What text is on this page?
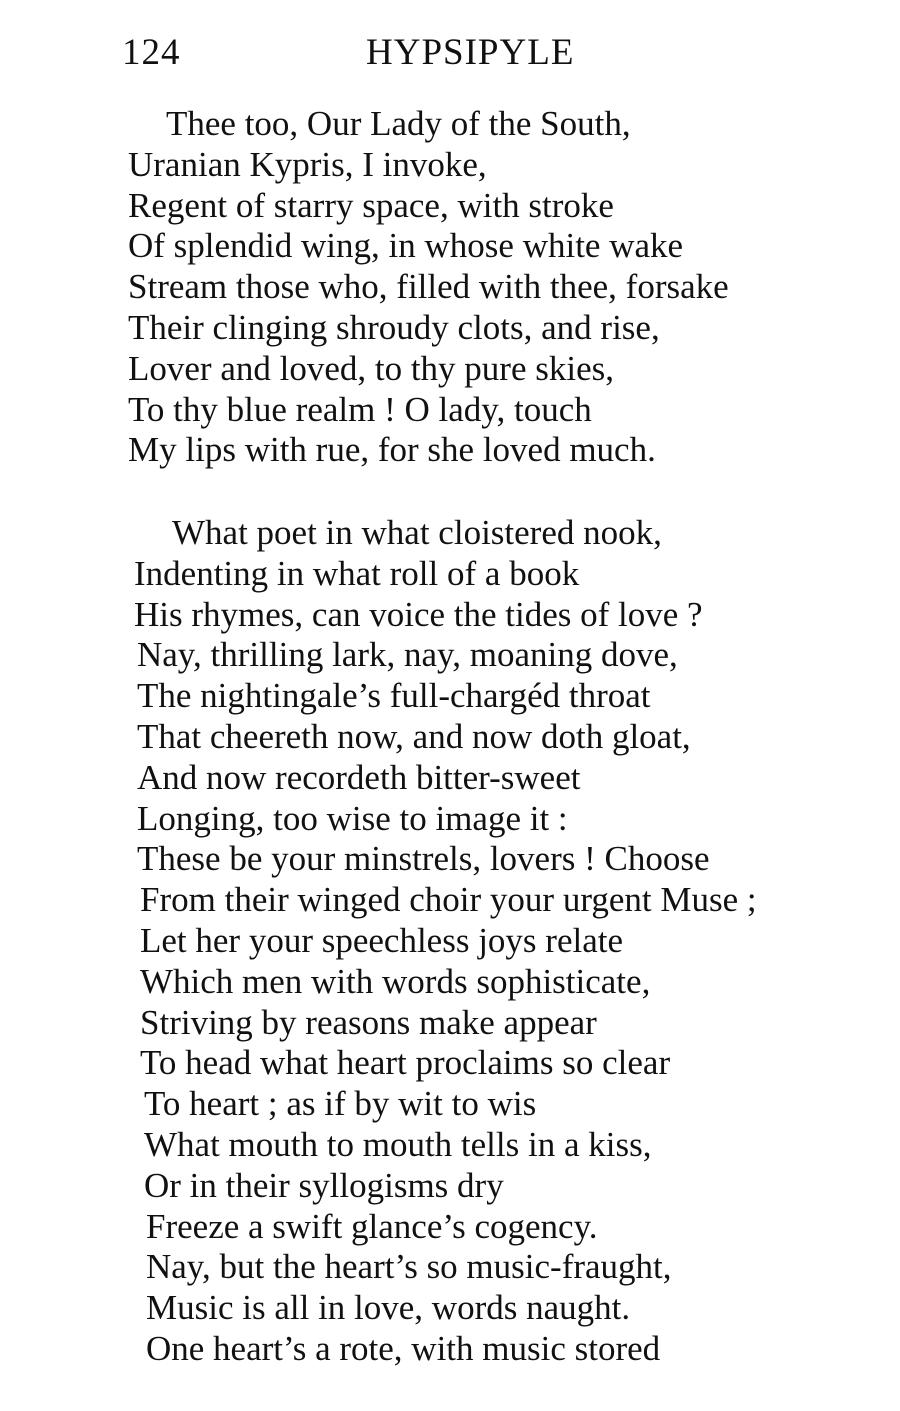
124	HYPSIPYLE
Thee too, Our Lady of the South,
Uranian Kypris, I invoke,
Regent of starry space, with stroke
Of splendid wing, in whose white wake
Stream those who, filled with thee, forsake
Their clinging shroudy clots, and rise,
Lover and loved, to thy pure skies,
To thy blue realm ! O lady, touch
My lips with rue, for she loved much.
What poet in what cloistered nook,
Indenting in what roll of a book
His rhymes, can voice the tides of love ?
Nay, thrilling lark, nay, moaning dove,
The nightingale’s full-chargéd throat
That cheereth now, and now doth gloat,
And now recordeth bitter-sweet
Longing, too wise to image it :
These be your minstrels, lovers ! Choose
From their winged choir your urgent Muse ;
Let her your speechless joys relate
Which men with words sophisticate,
Striving by reasons make appear
To head what heart proclaims so clear
To heart ; as if by wit to wis
What mouth to mouth tells in a kiss,
Or in their syllogisms dry
Freeze a swift glance’s cogency.
Nay, but the heart’s so music-fraught,
Music is all in love, words naught.
One heart’s a rote, with music stored
